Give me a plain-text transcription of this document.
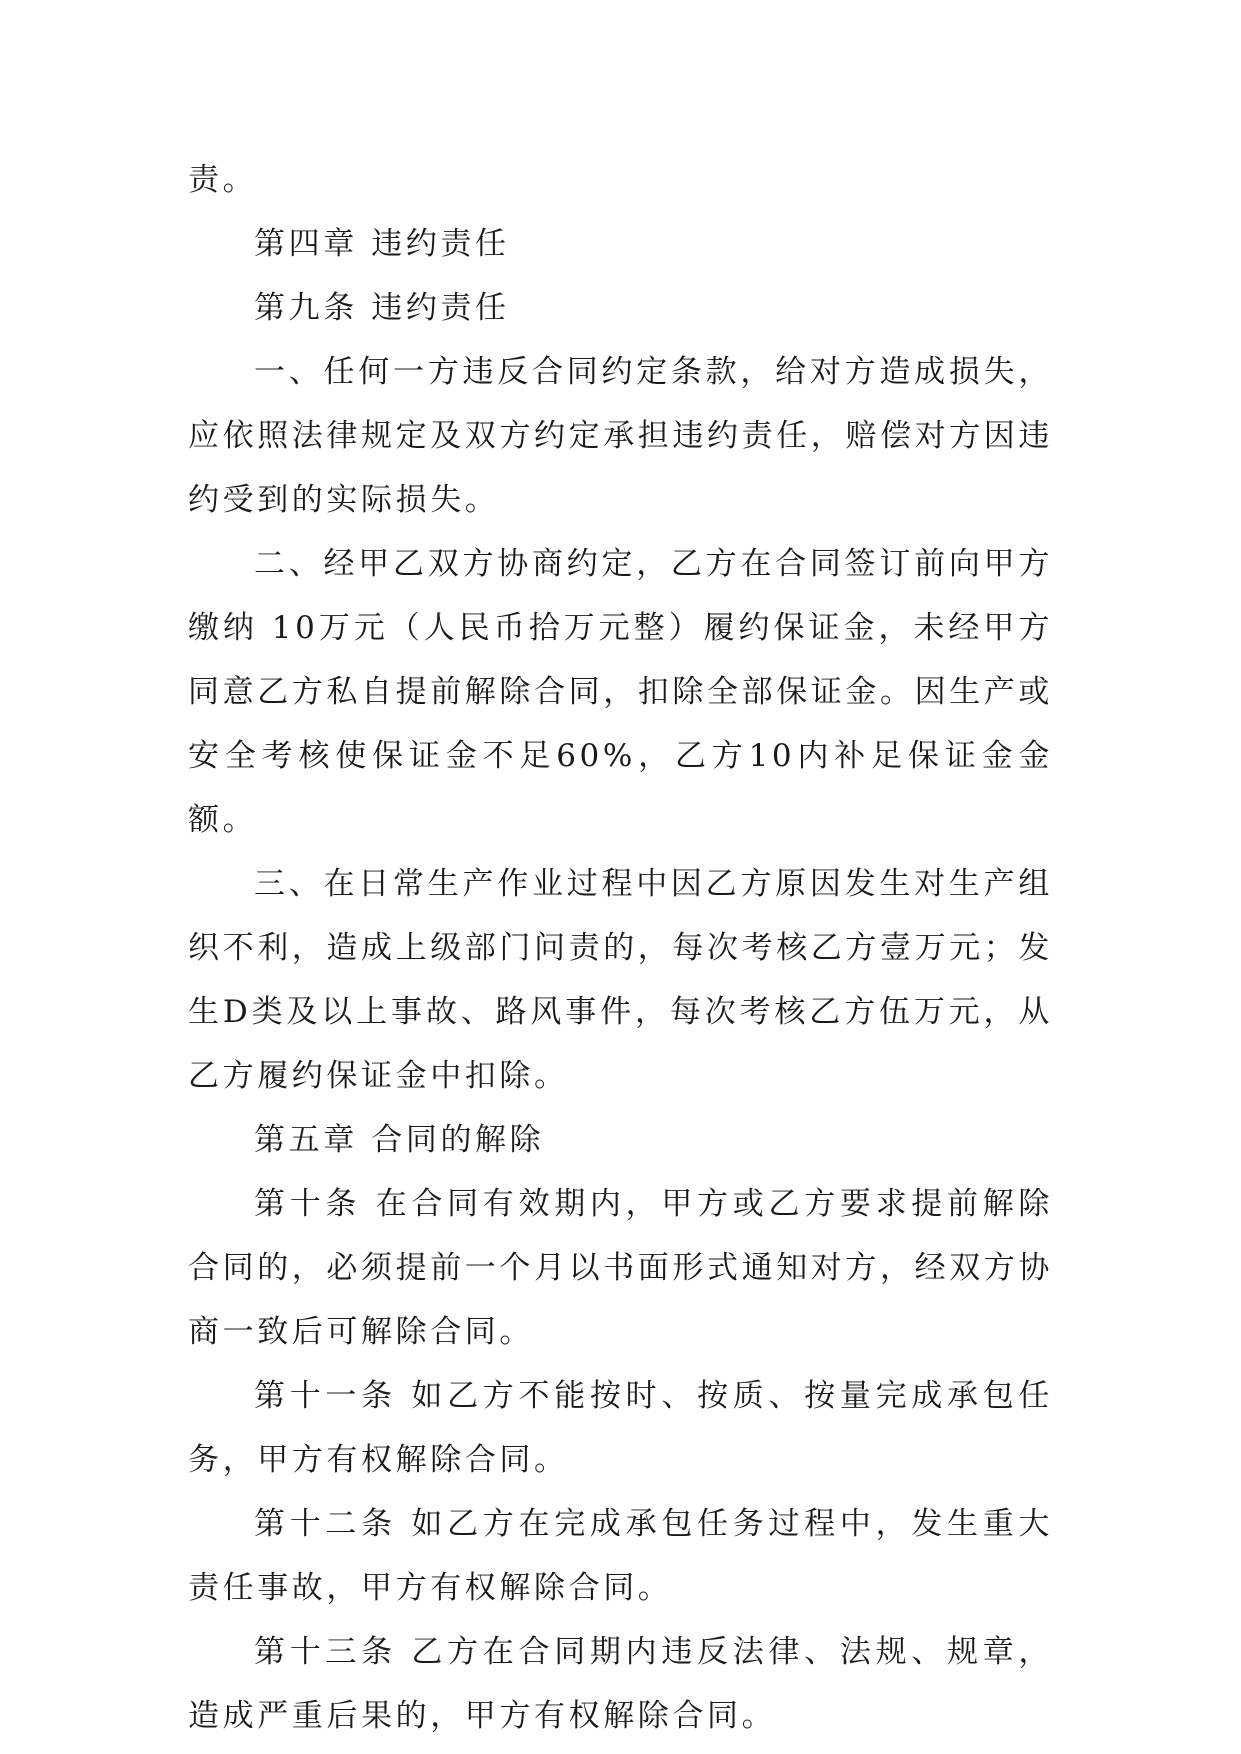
责。

第四章 违约责任

第九条 违约责任

一、任何一方违反合同约定条款，给对方造成损失，应依照法律规定及双方约定承担违约责任，赔偿对方因违约受到的实际损失。

二、经甲乙双方协商约定，乙方在合同签订前向甲方缴纳 10万元（人民币拾万元整）履约保证金，未经甲方同意乙方私自提前解除合同，扣除全部保证金。因生产或安全考核使保证金不足60%，乙方10内补足保证金金额。

三、在日常生产作业过程中因乙方原因发生对生产组织不利，造成上级部门问责的，每次考核乙方壹万元；发生D类及以上事故、路风事件，每次考核乙方伍万元，从乙方履约保证金中扣除。

第五章 合同的解除

第十条 在合同有效期内，甲方或乙方要求提前解除合同的，必须提前一个月以书面形式通知对方，经双方协商一致后可解除合同。

第十一条 如乙方不能按时、按质、按量完成承包任务，甲方有权解除合同。

第十二条 如乙方在完成承包任务过程中，发生重大责任事故，甲方有权解除合同。

第十三条 乙方在合同期内违反法律、法规、规章，造成严重后果的，甲方有权解除合同。
